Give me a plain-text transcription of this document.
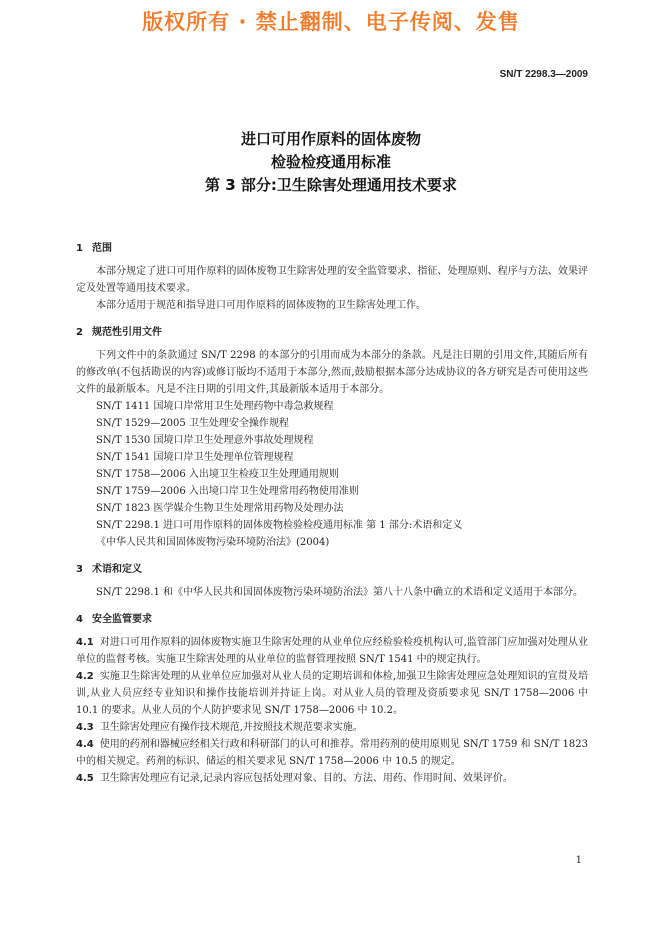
版权所有 · 禁止翻制、电子传阅、发售
SN/T 2298.3—2009
进口可用作原料的固体废物
检验检疫通用标准
第 3 部分:卫生除害处理通用技术要求
1 范围

本部分规定了进口可用作原料的固体废物卫生除害处理的安全监管要求、指征、处理原则、程序与方法、效果评定及处置等通用技术要求。

本部分适用于规范和指导进口可用作原料的固体废物的卫生除害处理工作。

2 规范性引用文件

下列文件中的条款通过 SN/T 2298 的本部分的引用而成为本部分的条款。凡是注日期的引用文件,其随后所有的修改单(不包括勘误的内容)或修订版均不适用于本部分,然而,鼓励根据本部分达成协议的各方研究是否可使用这些文件的最新版本。凡是不注日期的引用文件,其最新版本适用于本部分。

SN/T 1411 国境口岸常用卫生处理药物中毒急救规程

SN/T 1529—2005 卫生处理安全操作规程

SN/T 1530 国境口岸卫生处理意外事故处理规程

SN/T 1541 国境口岸卫生处理单位管理规程

SN/T 1758—2006 入出境卫生检疫卫生处理通用规则

SN/T 1759—2006 入出境口岸卫生处理常用药物使用准则

SN/T 1823 医学媒介生物卫生处理常用药物及处理办法

SN/T 2298.1 进口可用作原料的固体废物检验检疫通用标准 第 1 部分:术语和定义

《中华人民共和国固体废物污染环境防治法》(2004)

3 术语和定义

SN/T 2298.1 和《中华人民共和国固体废物污染环境防治法》第八十八条中确立的术语和定义适用于本部分。

4 安全监管要求

4.1 对进口可用作原料的固体废物实施卫生除害处理的从业单位应经检验检疫机构认可,监管部门应加强对处理从业单位的监督考核。实施卫生除害处理的从业单位的监督管理按照 SN/T 1541 中的规定执行。

4.2 实施卫生除害处理的从业单位应加强对从业人员的定期培训和体检,加强卫生除害处理应急处理知识的宣贯及培训,从业人员应经专业知识和操作技能培训并持证上岗。对从业人员的管理及资质要求见 SN/T 1758—2006 中 10.1 的要求。从业人员的个人防护要求见 SN/T 1758—2006 中 10.2。

4.3 卫生除害处理应有操作技术规范,并按照技术规范要求实施。

4.4 使用的药剂和器械应经相关行政和科研部门的认可和推荐。常用药剂的使用原则见 SN/T 1759 和 SN/T 1823 中的相关规定。药剂的标识、储运的相关要求见 SN/T 1758—2006 中 10.5 的规定。

4.5 卫生除害处理应有记录,记录内容应包括处理对象、目的、方法、用药、作用时间、效果评价。

1
